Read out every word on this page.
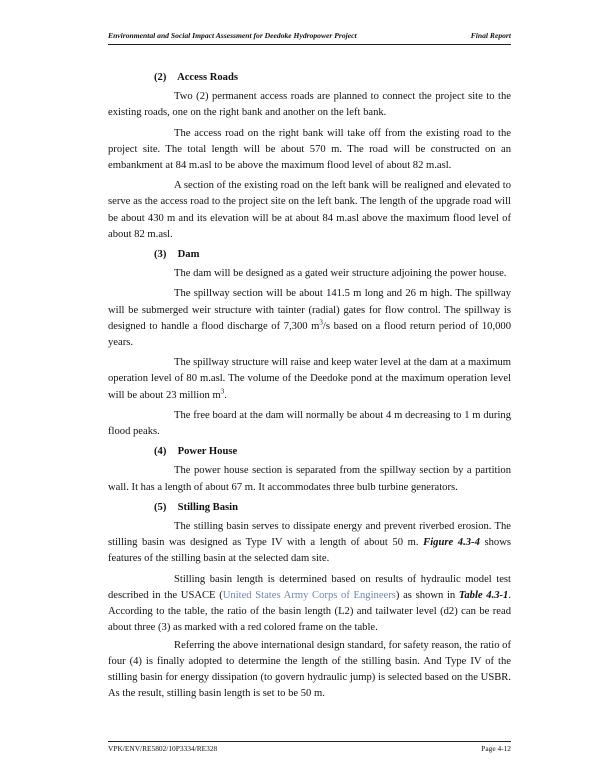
Environmental and Social Impact Assessment for Deedoke Hydropower Project	Final Report
(2) Access Roads

Two (2) permanent access roads are planned to connect the project site to the existing roads, one on the right bank and another on the left bank.

The access road on the right bank will take off from the existing road to the project site. The total length will be about 570 m. The road will be constructed on an embankment at 84 m.asl to be above the maximum flood level of about 82 m.asl.

A section of the existing road on the left bank will be realigned and elevated to serve as the access road to the project site on the left bank. The length of the upgrade road will be about 430 m and its elevation will be at about 84 m.asl above the maximum flood level of about 82 m.asl.

(3) Dam

The dam will be designed as a gated weir structure adjoining the power house.

The spillway section will be about 141.5 m long and 26 m high. The spillway will be submerged weir structure with tainter (radial) gates for flow control. The spillway is designed to handle a flood discharge of 7,300 $m^3/s$ based on a flood return period of 10,000 years.

The spillway structure will raise and keep water level at the dam at a maximum operation level of 80 m.asl. The volume of the Deedoke pond at the maximum operation level will be about 23 million $m^3$.

The free board at the dam will normally be about 4 m decreasing to 1 m during flood peaks.

(4) Power House

The power house section is separated from the spillway section by a partition wall. It has a length of about 67 m. It accommodates three bulb turbine generators.

(5) Stilling Basin

The stilling basin serves to dissipate energy and prevent riverbed erosion. The stilling basin was designed as Type IV with a length of about 50 m. Figure 4.3-4 shows features of the stilling basin at the selected dam site.

Stilling basin length is determined based on results of hydraulic model test described in the USACE (United States Army Corps of Engineers) as shown in Table 4.3-1. According to the table, the ratio of the basin length (L2) and tailwater level (d2) can be read about three (3) as marked with a red colored frame on the table.

Referring the above international design standard, for safety reason, the ratio of four (4) is finally adopted to determine the length of the stilling basin. And Type IV of the stilling basin for energy dissipation (to govern hydraulic jump) is selected based on the USBR. As the result, stilling basin length is set to be 50 m.

VPK/ENV/RE5802/10P3334/RE328	Page 4-12
